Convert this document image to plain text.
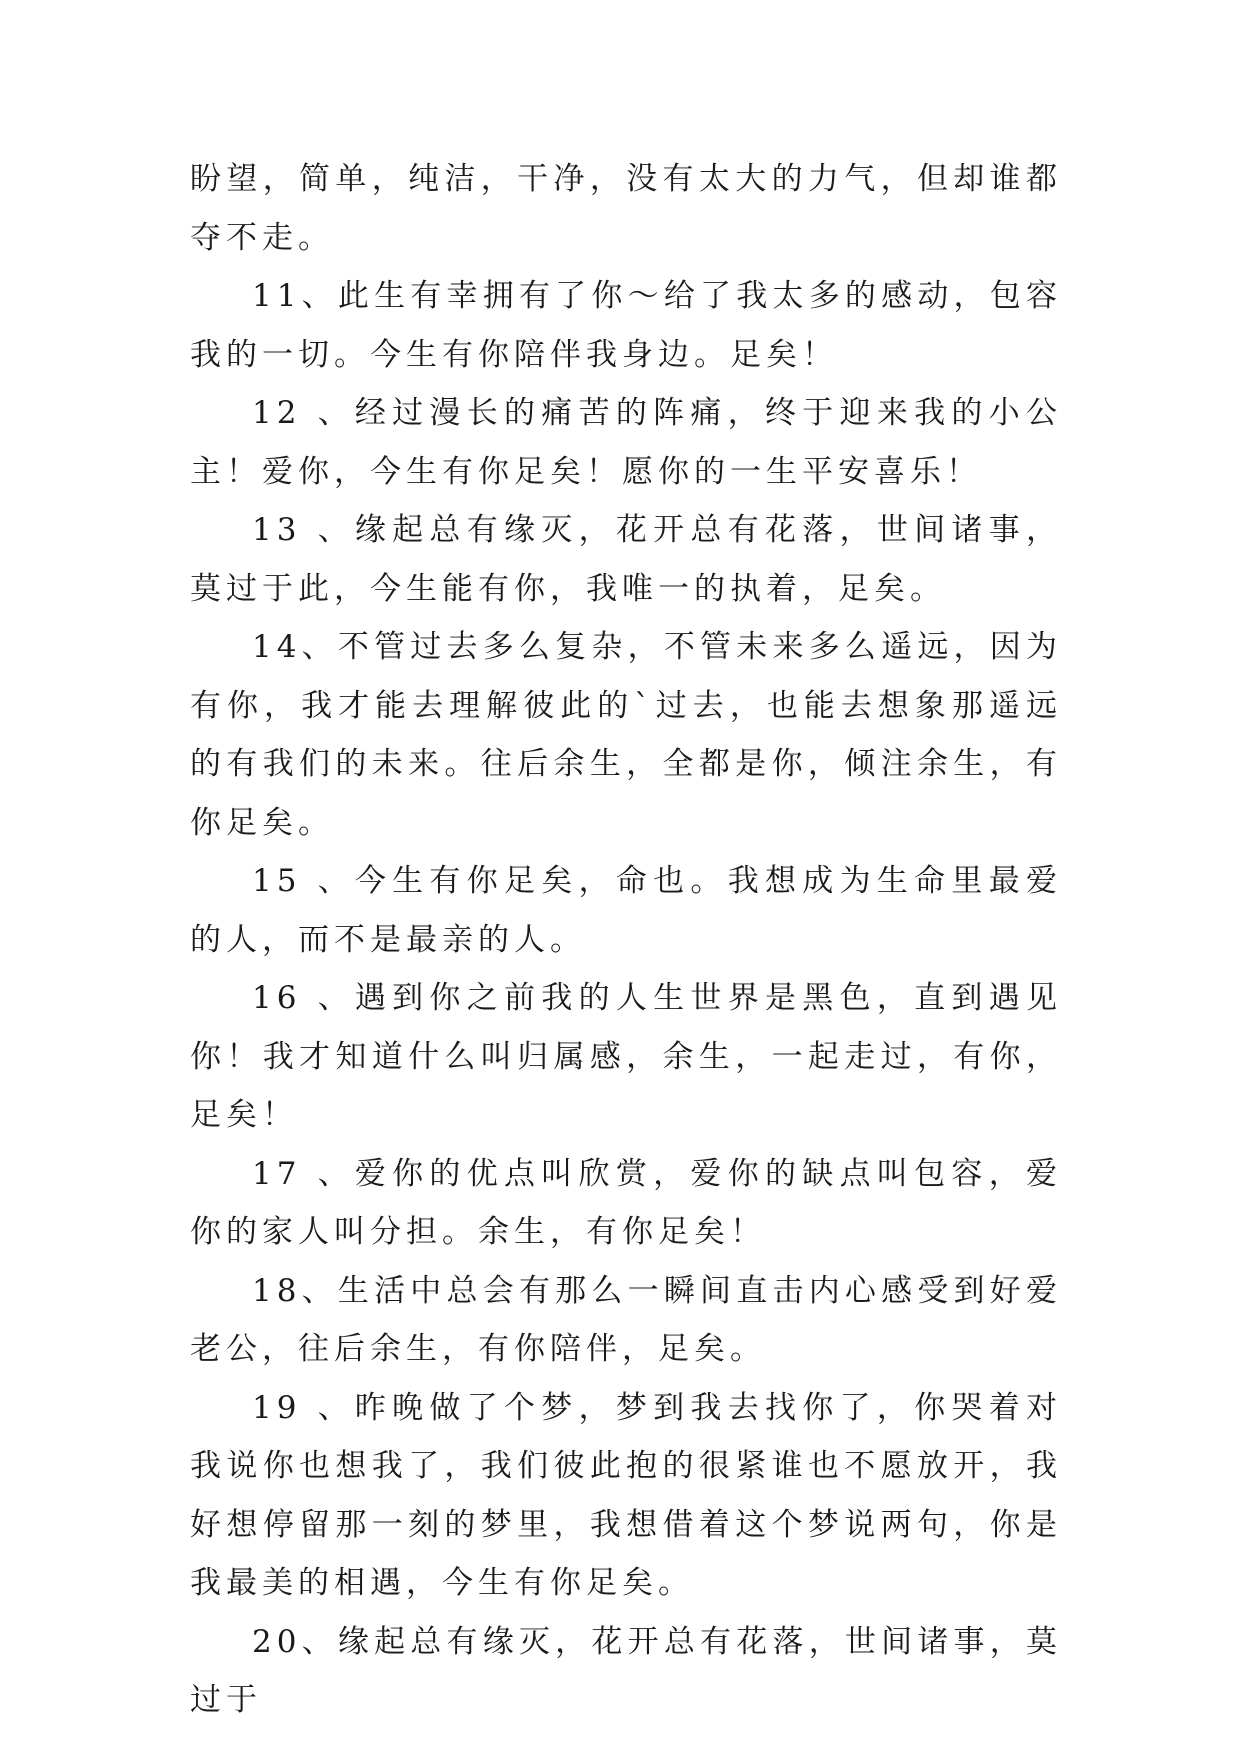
盼望，简单，纯洁，干净，没有太大的力气，但却谁都夺不走。

11、此生有幸拥有了你～给了我太多的感动，包容我的一切。今生有你陪伴我身边。足矣！

12 、经过漫长的痛苦的阵痛，终于迎来我的小公主！爱你，今生有你足矣！愿你的一生平安喜乐！

13 、缘起总有缘灭，花开总有花落，世间诸事，莫过于此，今生能有你，我唯一的执着，足矣。

14、不管过去多么复杂，不管未来多么遥远，因为有你，我才能去理解彼此的`过去，也能去想象那遥远的有我们的未来。往后余生，全都是你，倾注余生，有你足矣。

15 、今生有你足矣，命也。我想成为生命里最爱的人，而不是最亲的人。

16 、遇到你之前我的人生世界是黑色，直到遇见你！我才知道什么叫归属感，余生，一起走过，有你，足矣！

17 、爱你的优点叫欣赏，爱你的缺点叫包容，爱你的家人叫分担。余生，有你足矣！

18、生活中总会有那么一瞬间直击内心感受到好爱老公，往后余生，有你陪伴，足矣。

19 、昨晚做了个梦，梦到我去找你了，你哭着对我说你也想我了，我们彼此抱的很紧谁也不愿放开，我好想停留那一刻的梦里，我想借着这个梦说两句，你是我最美的相遇，今生有你足矣。

20、缘起总有缘灭，花开总有花落，世间诸事，莫过于
